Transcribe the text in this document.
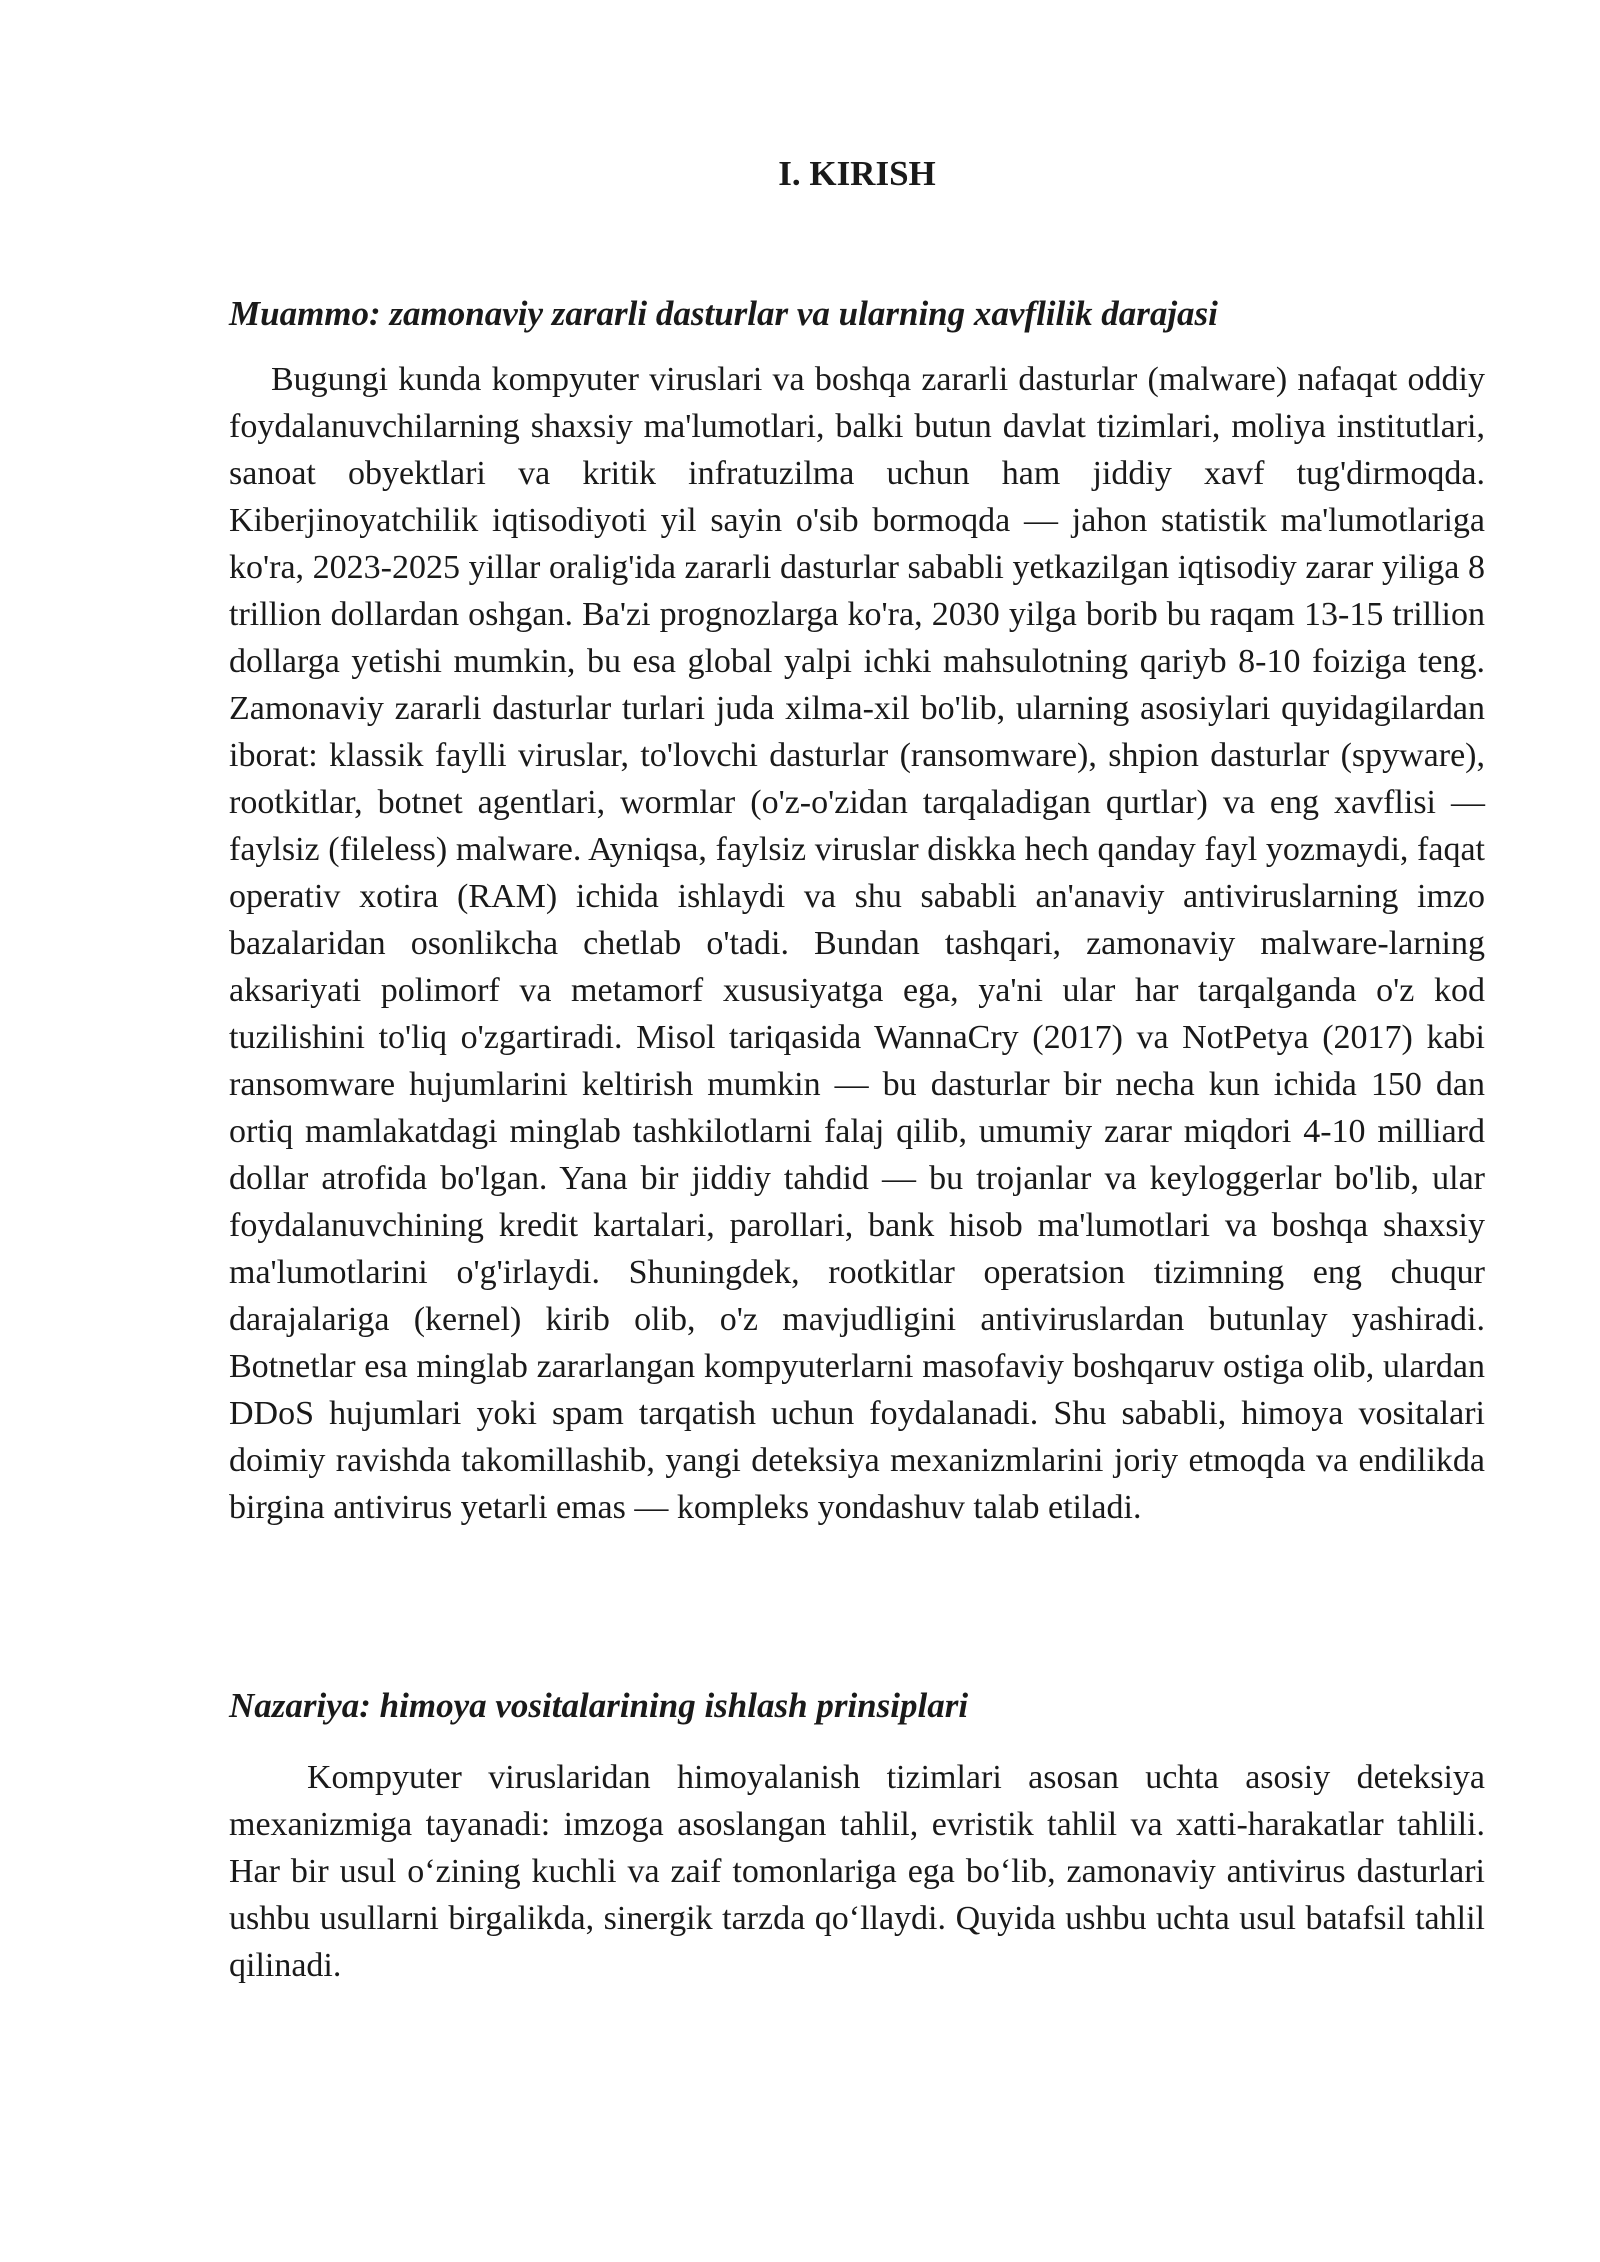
I. KIRISH
Muammo: zamonaviy zararli dasturlar va ularning xavflilik darajasi

Bugungi kunda kompyuter viruslari va boshqa zararli dasturlar (malware) nafaqat oddiy foydalanuvchilarning shaxsiy ma'lumotlari, balki butun davlat tizimlari, moliya institutlari, sanoat obyektlari va kritik infratuzilma uchun ham jiddiy xavf tug'dirmoqda. Kiberjinoyatchilik iqtisodiyoti yil sayin o'sib bormoqda — jahon statistik ma'lumotlariga ko'ra, 2023-2025 yillar oralig'ida zararli dasturlar sababli yetkazilgan iqtisodiy zarar yiliga 8 trillion dollardan oshgan. Ba'zi prognozlarga ko'ra, 2030 yilga borib bu raqam 13-15 trillion dollarga yetishi mumkin, bu esa global yalpi ichki mahsulotning qariyb 8-10 foiziga teng. Zamonaviy zararli dasturlar turlari juda xilma-xil bo'lib, ularning asosiylari quyidagilardan iborat: klassik faylli viruslar, to'lovchi dasturlar (ransomware), shpion dasturlar (spyware), rootkitlar, botnet agentlari, wormlar (o'z-o'zidan tarqaladigan qurtlar) va eng xavflisi — faylsiz (fileless) malware. Ayniqsa, faylsiz viruslar diskka hech qanday fayl yozmaydi, faqat operativ xotira (RAM) ichida ishlaydi va shu sababli an'anaviy antiviruslarning imzo bazalaridan osonlikcha chetlab o'tadi. Bundan tashqari, zamonaviy malware-larning aksariyati polimorf va metamorf xususiyatga ega, ya'ni ular har tarqalganda o'z kod tuzilishini to'liq o'zgartiradi. Misol tariqasida WannaCry (2017) va NotPetya (2017) kabi ransomware hujumlarini keltirish mumkin — bu dasturlar bir necha kun ichida 150 dan ortiq mamlakatdagi minglab tashkilotlarni falaj qilib, umumiy zarar miqdori 4-10 milliard dollar atrofida bo'lgan. Yana bir jiddiy tahdid — bu trojanlar va keyloggerlar bo'lib, ular foydalanuvchining kredit kartalari, parollari, bank hisob ma'lumotlari va boshqa shaxsiy ma'lumotlarini o'g'irlaydi. Shuningdek, rootkitlar operatsion tizimning eng chuqur darajalariga (kernel) kirib olib, o'z mavjudligini antiviruslardan butunlay yashiradi. Botnetlar esa minglab zararlangan kompyuterlarni masofaviy boshqaruv ostiga olib, ulardan DDoS hujumlari yoki spam tarqatish uchun foydalanadi. Shu sababli, himoya vositalari doimiy ravishda takomillashib, yangi deteksiya mexanizmlarini joriy etmoqda va endilikda birgina antivirus yetarli emas — kompleks yondashuv talab etiladi.

Nazariya: himoya vositalarining ishlash prinsiplari

Kompyuter viruslaridan himoyalanish tizimlari asosan uchta asosiy deteksiya mexanizmiga tayanadi: imzoga asoslangan tahlil, evristik tahlil va xatti-harakatlar tahlili. Har bir usul o‘zining kuchli va zaif tomonlariga ega bo‘lib, zamonaviy antivirus dasturlari ushbu usullarni birgalikda, sinergik tarzda qo‘llaydi. Quyida ushbu uchta usul batafsil tahlil qilinadi.
